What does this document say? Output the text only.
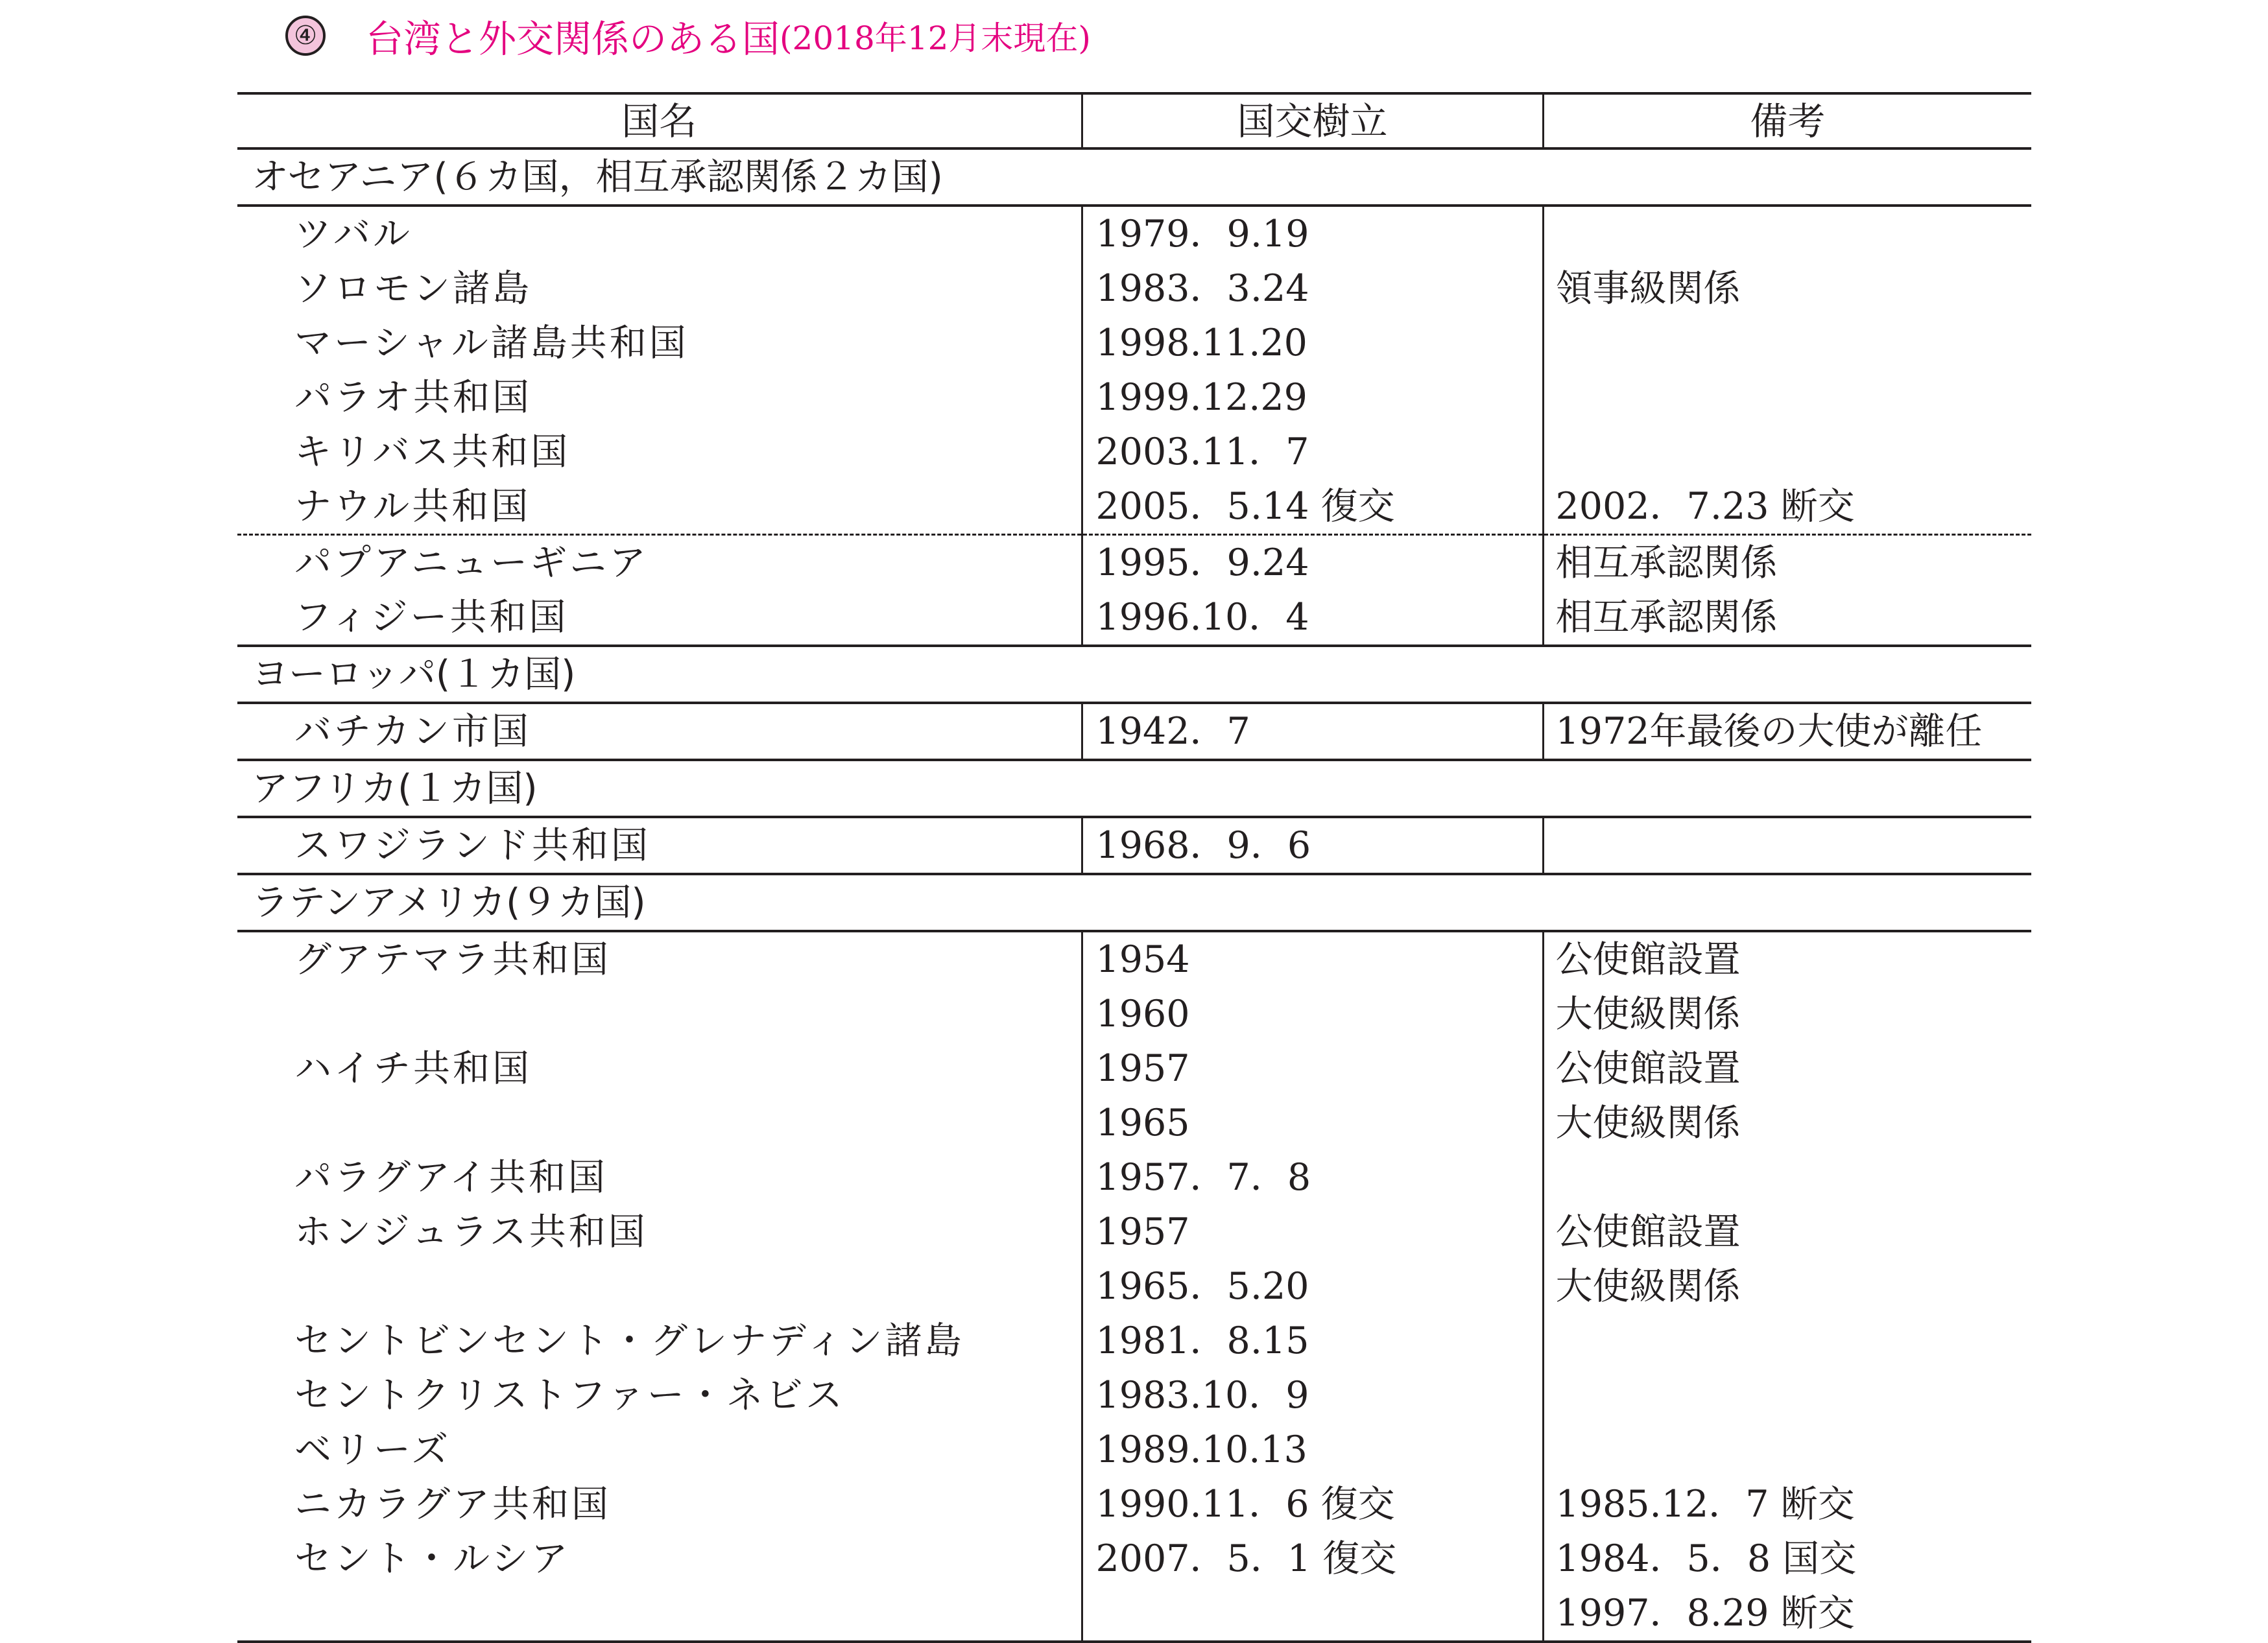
④ 台湾と外交関係のある国 (2018年12月末現在)
国名	国交樹立	備考
オセアニア(６カ国，相互承認関係２カ国)		
ツバル	1979．9.19	
ソロモン諸島	1983．3.24	領事級関係
マーシャル諸島共和国	1998.11.20	
パラオ共和国	1999.12.29	
キリバス共和国	2003.11．7	
ナウル共和国	2005．5.14 復交	2002．7.23 断交
パプアニューギニア	1995．9.24	相互承認関係
フィジー共和国	1996.10．4	相互承認関係
ヨーロッパ(１カ国)		
バチカン市国	1942．7	1972年最後の大使が離任
アフリカ(１カ国)		
スワジランド共和国	1968．9．6	
ラテンアメリカ(９カ国)		
グアテマラ共和国	1954	公使館設置
	1960	大使級関係
ハイチ共和国	1957	公使館設置
	1965	大使級関係
パラグアイ共和国	1957．7．8	
ホンジュラス共和国	1957	公使館設置
	1965．5.20	大使級関係
セントビンセント・グレナディン諸島	1981．8.15	
セントクリストファー・ネビス	1983.10．9	
ベリーズ	1989.10.13	
ニカラグア共和国	1990.11．6 復交	1985.12．7 断交
セント・ルシア	2007．5．1 復交	1984．5．8 国交
		1997．8.29 断交
